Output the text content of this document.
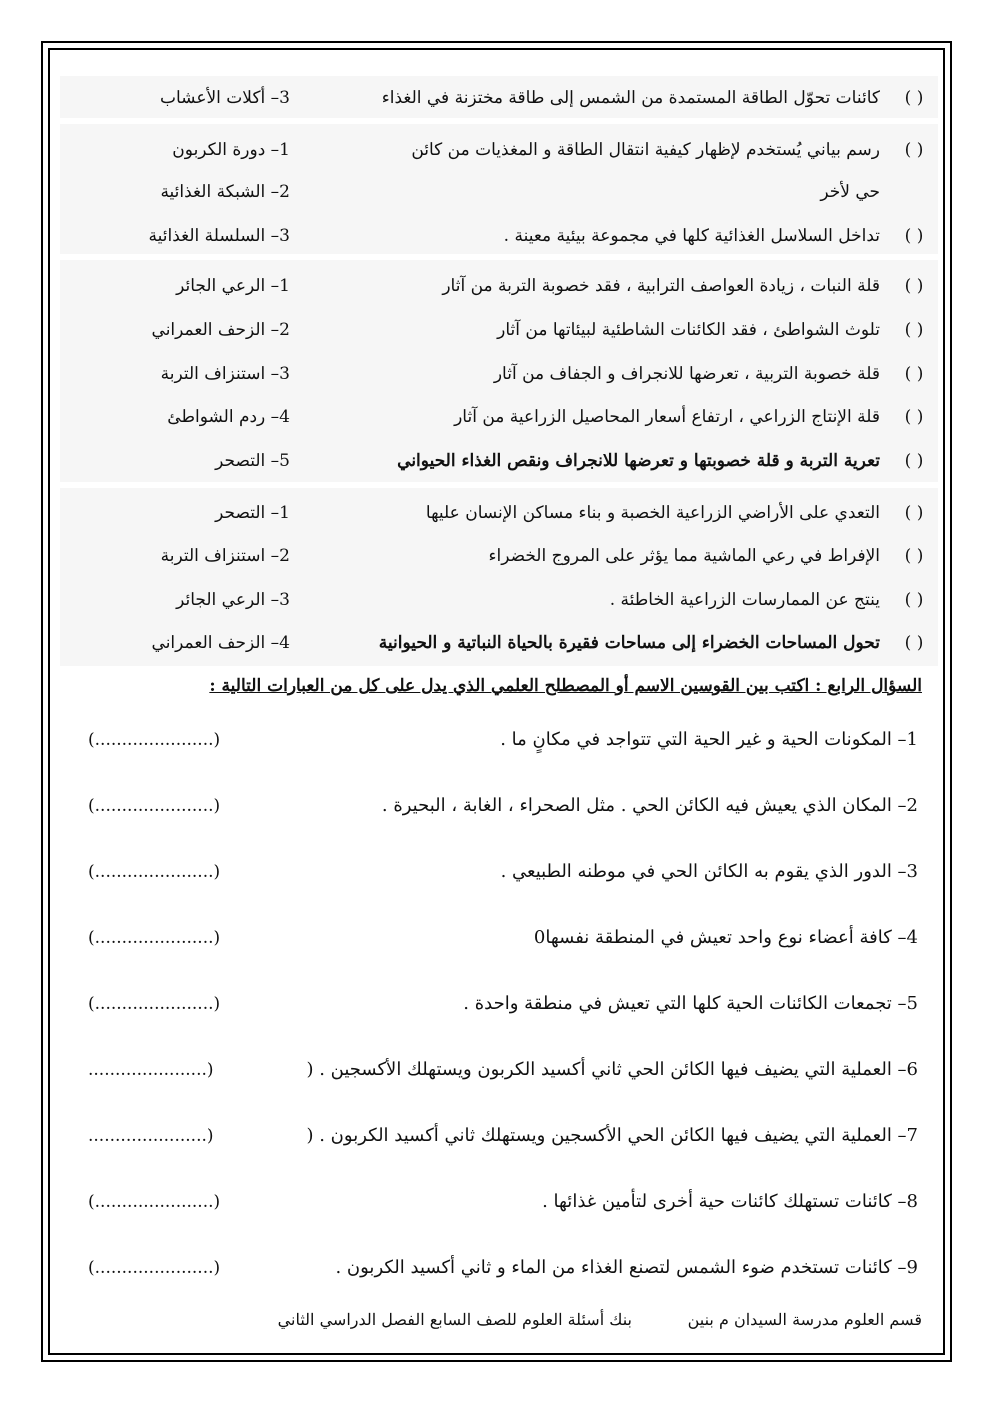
( )
كائنات تحوّل الطاقة المستمدة من الشمس إلى طاقة مختزنة في الغذاء
3– أكلات الأعشاب
( )
رسم بياني يُستخدم لإظهار كيفية انتقال الطاقة و المغذيات من كائن
1– دورة الكربون
حي لأخر
2– الشبكة الغذائية
( )
تداخل السلاسل الغذائية كلها في مجموعة بيئية معينة .
3– السلسلة الغذائية
( )
قلة النبات ، زيادة العواصف الترابية ، فقد خصوبة التربة من آثار
1– الرعي الجائر
( )
تلوث الشواطئ ، فقد الكائنات الشاطئية لبيئاتها من آثار
2– الزحف العمراني
( )
قلة خصوبة التربية ، تعرضها للانجراف و الجفاف من آثار
3– استنزاف التربة
( )
قلة الإنتاج الزراعي ، ارتفاع أسعار المحاصيل الزراعية من آثار
4– ردم الشواطئ
( )
تعرية التربة و قلة خصوبتها و تعرضها للانجراف ونقص الغذاء الحيواني
5– التصحر
( )
التعدي على الأراضي الزراعية الخصبة و بناء مساكن الإنسان عليها
1– التصحر
( )
الإفراط في رعي الماشية مما يؤثر على المروج الخضراء
2– استنزاف التربة
( )
ينتج عن الممارسات الزراعية الخاطئة .
3– الرعي الجائر
( )
تحول المساحات الخضراء إلى مساحات فقيرة بالحياة النباتية و الحيوانية
4– الزحف العمراني
السؤال الرابع : اكتب بين القوسين الاسم أو المصطلح العلمي الذي يدل على كل من العبارات التالية :
1– المكونات الحية و غير الحية التي تتواجد في مكانٍ ما .
(......................)
2– المكان الذي يعيش فيه الكائن الحي . مثل الصحراء ، الغابة ، البحيرة .
(......................)
3– الدور الذي يقوم به الكائن الحي في موطنه الطبيعي .
(......................)
4– كافة أعضاء نوع واحد تعيش في المنطقة نفسها0
(......................)
5– تجمعات الكائنات الحية كلها التي تعيش في منطقة واحدة .
(......................)
6– العملية التي يضيف فيها الكائن الحي ثاني أكسيد الكربون ويستهلك الأكسجين . (
......................)
7– العملية التي يضيف فيها الكائن الحي الأكسجين ويستهلك ثاني أكسيد الكربون . (
......................)
8– كائنات تستهلك كائنات حية أخرى لتأمين غذائها .
(......................)
9– كائنات تستخدم ضوء الشمس لتصنع الغذاء من الماء و ثاني أكسيد الكربون .
(......................)
قسم العلوم مدرسة السيدان م بنين
بنك أسئلة العلوم للصف السابع الفصل الدراسي الثاني
